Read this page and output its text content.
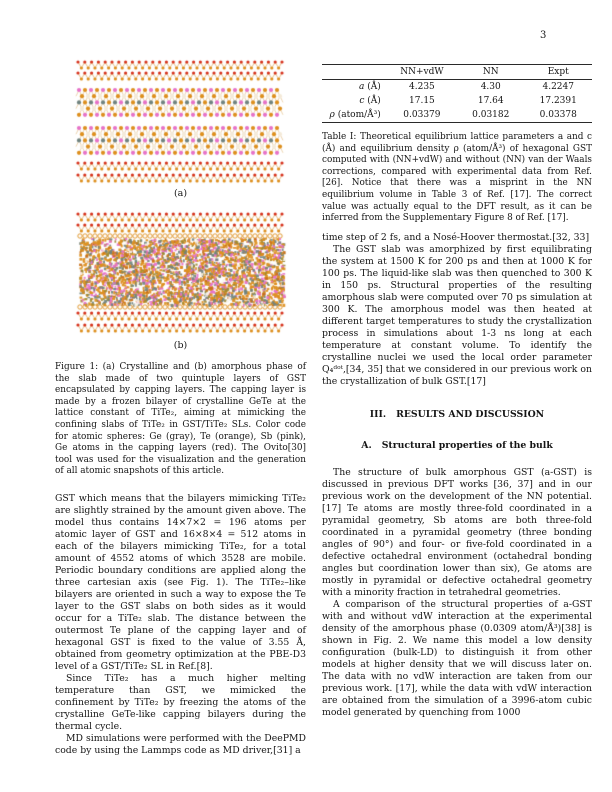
3
(a)
(b)
Figure 1: (a) Crystalline and (b) amorphous phase of the slab made of two quintuple layers of GST encapsulated by capping layers. The capping layer is made by a frozen bilayer of crystalline GeTe at the lattice constant of TiTe₂, aiming at mimicking the confining slabs of TiTe₂ in GST/TiTe₂ SLs. Color code for atomic spheres: Ge (gray), Te (orange), Sb (pink), Ge atoms in the capping layers (red). The Ovito[30] tool was used for the visualization and the generation of all atomic snapshots of this article.

GST which means that the bilayers mimicking TiTe₂ are slightly strained by the amount given above. The model thus contains 14×7×2 = 196 atoms per atomic layer of GST and 16×8×4 = 512 atoms in each of the bilayers mimicking TiTe₂, for a total amount of 4552 atoms of which 3528 are mobile. Periodic boundary conditions are applied along the three cartesian axis (see Fig. 1). The TiTe₂–like bilayers are oriented in such a way to expose the Te layer to the GST slabs on both sides as it would occur for a TiTe₂ slab. The distance between the outermost Te plane of the capping layer and of hexagonal GST is fixed to the value of 3.55 Å, obtained from geometry optimization at the PBE-D3 level of a GST/TiTe₂ SL in Ref.[8].

Since TiTe₂ has a much higher melting temperature than GST, we mimicked the confinement by TiTe₂ by freezing the atoms of the crystalline GeTe-like capping bilayers during the thermal cycle.

MD simulations were performed with the DeePMD code by using the Lammps code as MD driver,[31] a

	NN+vdW	NN	Expt
a (Å)	4.235	4.30	4.2247
c (Å)	17.15	17.64	17.2391
ρ (atom/Å³)	0.03379	0.03182	0.03378

Table I: Theoretical equilibrium lattice parameters a and c (Å) and equilibrium density ρ (atom/Å³) of hexagonal GST computed with (NN+vdW) and without (NN) van der Waals corrections, compared with experimental data from Ref. [26]. Notice that there was a misprint in the NN equilibrium volume in Table 3 of Ref. [17]. The correct value was actually equal to the DFT result, as it can be inferred from the Supplementary Figure 8 of Ref. [17].

time step of 2 fs, and a Nosé-Hoover thermostat.[32, 33]

The GST slab was amorphized by first equilibrating the system at 1500 K for 200 ps and then at 1000 K for 100 ps. The liquid-like slab was then quenched to 300 K in 150 ps. Structural properties of the resulting amorphous slab were computed over 70 ps simulation at 300 K. The amorphous model was then heated at different target temperatures to study the crystallization process in simulations about 1-3 ns long at each temperature at constant volume. To identify the crystalline nuclei we used the local order parameter Q₄ᵈᵒᵗ,[34, 35] that we considered in our previous work on the crystallization of bulk GST.[17]

III. RESULTS AND DISCUSSION
A. Structural properties of the bulk

The structure of bulk amorphous GST (a-GST) is discussed in previous DFT works [36, 37] and in our previous work on the development of the NN potential.[17] Te atoms are mostly three-fold coordinated in a pyramidal geometry, Sb atoms are both three-fold coordinated in a pyramidal geometry (three bonding angles of 90°) and four- or five-fold coordinated in a defective octahedral environment (octahedral bonding angles but coordination lower than six), Ge atoms are mostly in pyramidal or defective octahedral geometry with a minority fraction in tetrahedral geometries.

A comparison of the structural properties of a-GST with and without vdW interaction at the experimental density of the amorphous phase (0.0309 atom/Å³)[38] is shown in Fig. 2. We name this model a low density configuration (bulk-LD) to distinguish it from other models at higher density that we will discuss later on. The data with no vdW interaction are taken from our previous work. [17], while the data with vdW interaction are obtained from the simulation of a 3996-atom cubic model generated by quenching from 1000
